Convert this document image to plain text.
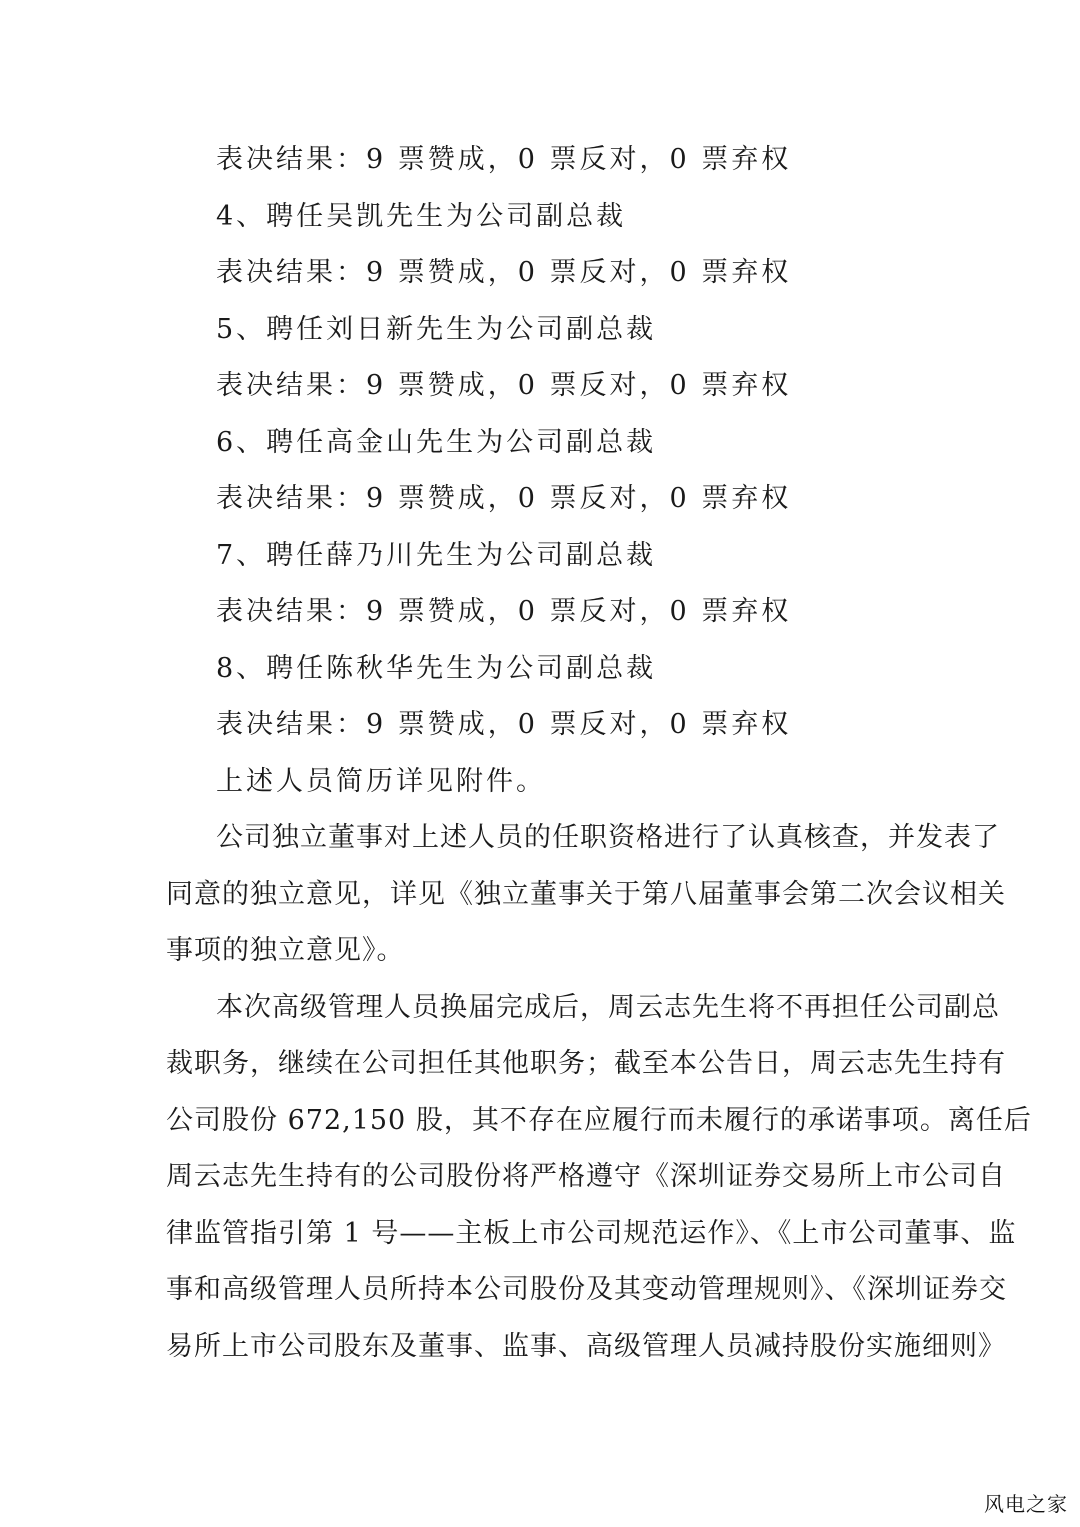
表决结果：9 票赞成，0 票反对，0 票弃权
4、聘任吴凯先生为公司副总裁
表决结果：9 票赞成，0 票反对，0 票弃权
5、聘任刘日新先生为公司副总裁
表决结果：9 票赞成，0 票反对，0 票弃权
6、聘任高金山先生为公司副总裁
表决结果：9 票赞成，0 票反对，0 票弃权
7、聘任薛乃川先生为公司副总裁
表决结果：9 票赞成，0 票反对，0 票弃权
8、聘任陈秋华先生为公司副总裁
表决结果：9 票赞成，0 票反对，0 票弃权
上述人员简历详见附件。
公司独立董事对上述人员的任职资格进行了认真核查，并发表了
同意的独立意见，详见《独立董事关于第八届董事会第二次会议相关
事项的独立意见》。
本次高级管理人员换届完成后，周云志先生将不再担任公司副总
裁职务，继续在公司担任其他职务；截至本公告日，周云志先生持有
公司股份 672,150 股，其不存在应履行而未履行的承诺事项。离任后
周云志先生持有的公司股份将严格遵守《深圳证券交易所上市公司自
律监管指引第 1 号——主板上市公司规范运作》、《上市公司董事、监
事和高级管理人员所持本公司股份及其变动管理规则》、《深圳证券交
易所上市公司股东及董事、监事、高级管理人员减持股份实施细则》
风电之家
